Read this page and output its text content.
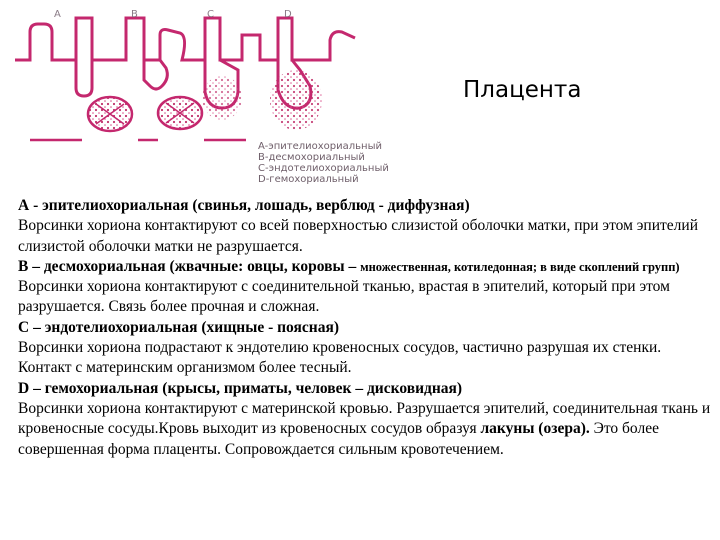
A	B	C	D
A-эпителиохориальный
B-десмохориальный
C-эндотелиохориальный
D-гемохориальный
Плацента

А - эпителиохориальная (свинья, лошадь, верблюд - диффузная)

Ворсинки хориона контактируют со всей поверхностью слизистой оболочки матки, при этом эпителий слизистой оболочки матки не разрушается.

В – десмохориальная (жвачные: овцы, коровы – множественная, котиледонная; в виде скоплений групп)

Ворсинки хориона контактируют с соединительной тканью, врастая в эпителий, который при этом разрушается. Связь более прочная и сложная.

С – эндотелиохориальная (хищные - поясная)

Ворсинки хориона подрастают к эндотелию кровеносных сосудов, частично разрушая их стенки. Контакт с материнским организмом более тесный.

D – гемохориальная (крысы, приматы, человек – дисковидная)

Ворсинки хориона контактируют с материнской кровью. Разрушается эпителий, соединительная ткань и кровеносные сосуды.Кровь выходит из кровеносных сосудов образуя лакуны (озера). Это более совершенная форма плаценты. Сопровождается сильным кровотечением.
